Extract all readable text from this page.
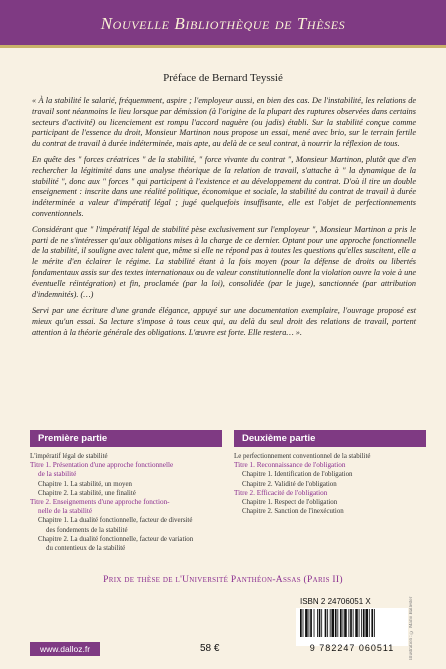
Nouvelle Bibliothèque de Thèses
Préface de Bernard Teyssié

« À la stabilité le salarié, fréquemment, aspire ; l'employeur aussi, en bien des cas. De l'instabilité, les relations de travail sont néanmoins le lieu lorsque par démission (à l'origine de la plupart des ruptures observées dans certains secteurs d'activité) ou licenciement est rompu l'accord naguère (ou jadis) établi. Sur la stabilité conçue comme participant de l'essence du droit, Monsieur Martinon nous propose un essai, mené avec brio, sur le terrain fertile du contrat de travail à durée indéterminée, mais apte, au delà de ce seul contrat, à nourrir la réflexion de tous.

En quête des " forces créatrices " de la stabilité, " force vivante du contrat ", Monsieur Martinon, plutôt que d'en rechercher la légitimité dans une analyse théorique de la relation de travail, s'attache à " la dynamique de la stabilité ", donc aux " forces " qui participent à l'existence et au développement du contrat. D'où il tire un double enseignement : inscrite dans une réalité politique, économique et sociale, la stabilité du contrat de travail à durée indéterminée a valeur d'impératif légal ; jugé quelquefois insuffisante, elle est l'objet de perfectionnements conventionnels.

Considérant que " l'impératif légal de stabilité pèse exclusivement sur l'employeur ", Monsieur Martinon a pris le parti de ne s'intéresser qu'aux obligations mises à la charge de ce dernier. Optant pour une approche fonctionnelle de la stabilité, il souligne avec talent que, même si elle ne répond pas à toutes les questions qu'elles suscitent, elle a le mérite d'en éclairer le régime. La stabilité étant à la fois moyen (pour la défense de droits ou libertés fondamentaux assis sur des textes internationaux ou de valeur constitutionnelle dont la violation ouvre la voie à une éventuelle réintégration) et fin, proclamée (par la loi), consolidée (par le juge), sanctionnée (par attribution d'indemnités). (…)

Servi par une écriture d'une grande élégance, appuyé sur une documentation exemplaire, l'ouvrage proposé est mieux qu'un essai. Sa lecture s'impose à tous ceux qui, au delà du seul droit des relations de travail, portent attention à la théorie générale des obligations. L'œuvre est forte. Elle restera… ».

Première partie	Deuxième partie
L'impératif légal de stabilité
Titre 1. Présentation d'une approche fonctionnelle
de la stabilité
Chapitre 1. La stabilité, un moyen
Chapitre 2. La stabilité, une finalité
Titre 2. Enseignements d'une approche fonction-
nelle de la stabilité
Chapitre 1. La dualité fonctionnelle, facteur de diversité
des fondements de la stabilité
Chapitre 2. La dualité fonctionnelle, facteur de variation
du contentieux de la stabilité
Le perfectionnement conventionnel de la stabilité
Titre 1. Reconnaissance de l'obligation
Chapitre 1. Identification de l'obligation
Chapitre 2. Validité de l'obligation
Titre 2. Efficacité de l'obligation
Chapitre 1. Respect de l'obligation
Chapitre 2. Sanction de l'inexécution
Prix de thèse de l'Université Panthéon-Assas (Paris II)
ISBN 2 24706051 X
9 782247 060511	Illustration : © Mario Ballester
www.dalloz.fr	58 €
